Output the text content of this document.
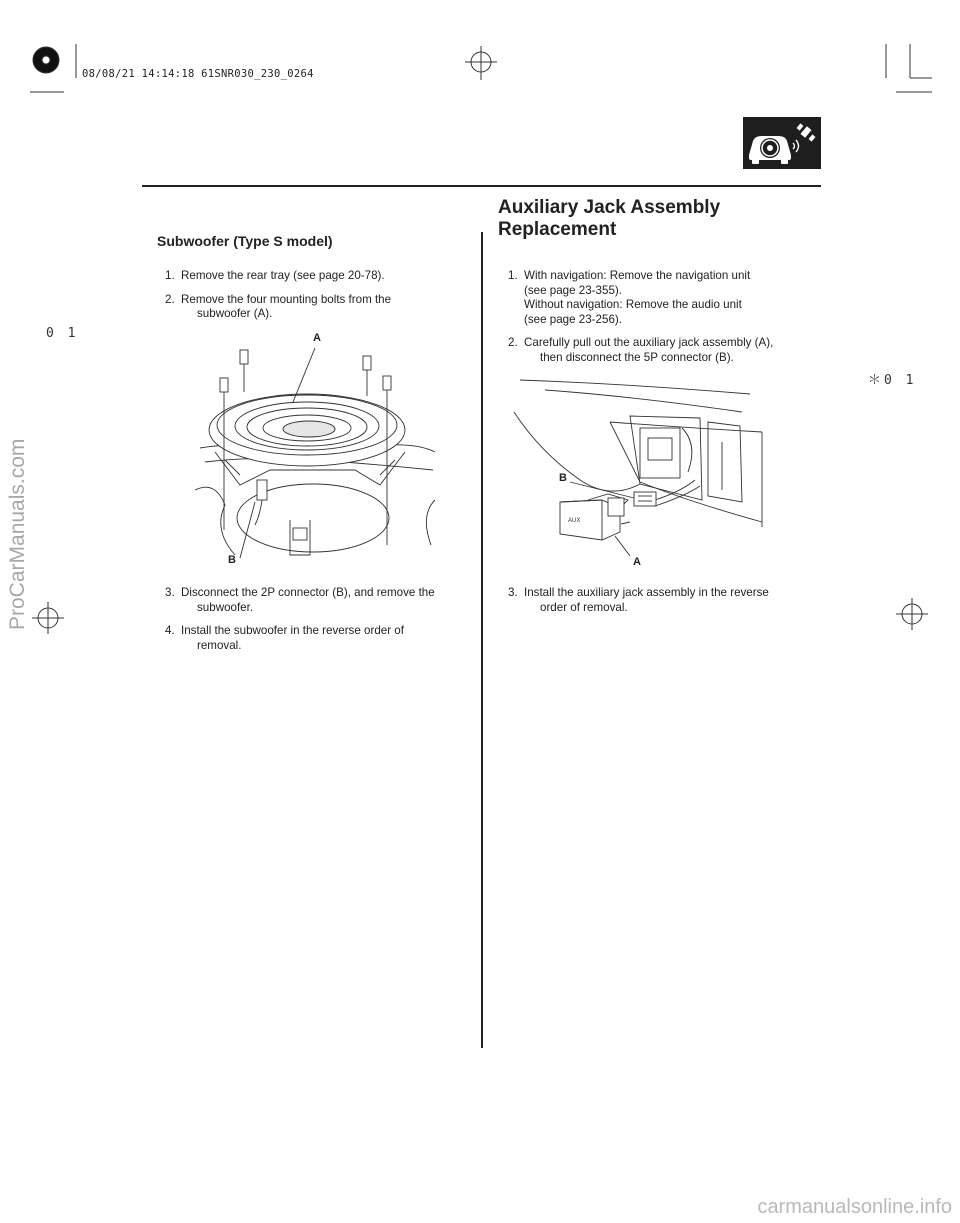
08/08/21 14:14:18 61SNR030_230_0264
0 1
＊0 1
Auxiliary Jack Assembly
Replacement
Subwoofer (Type S model)
1. Remove the rear tray (see page 20-78).
2. Remove the four mounting bolts from the
subwoofer (A).
A
B
3. Disconnect the 2P connector (B), and remove the
subwoofer.
4. Install the subwoofer in the reverse order of
removal.
1. With navigation: Remove the navigation unit
(see page 23-355).
Without navigation: Remove the audio unit
(see page 23-256).
2. Carefully pull out the auxiliary jack assembly (A),
then disconnect the 5P connector (B).
AUX
B
A
3. Install the auxiliary jack assembly in the reverse
order of removal.
ProCarManuals.com
carmanualsonline.info
